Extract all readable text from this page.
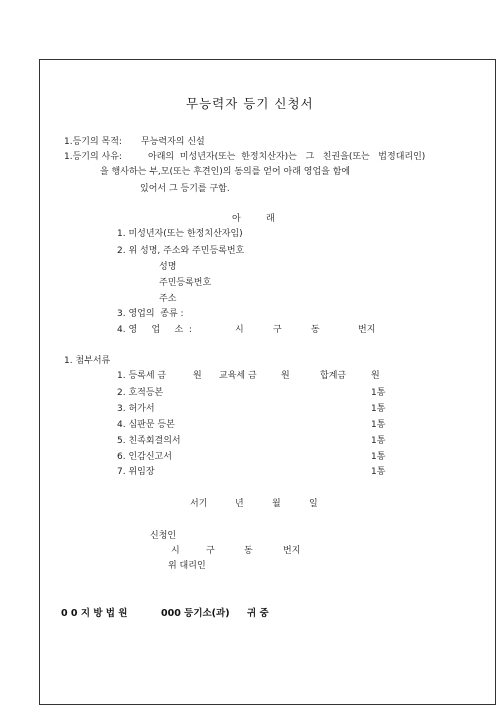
무능력자 등기 신청서
1.등기의 목적: 무능력자의 신설
1.등기의 사유:	아래의  미성년자(또는  한정치산자)는   그   친권을(또는   법정대리인)
을 행사하는 부,모(또는 후견인)의 동의를 얻어 아래 영업을 함에
있어서 그 등기를 구함.
아	래
1. 미성년자(또는 한정치산자임)
2. 위 성명, 주소와 주민등록번호
성명
주민등록번호
주소
3. 영업의  종류 :
4. 영     업     소  :	시	구	동	번지
1. 첨부서류
1. 등록세 금	원 교육세 금	원	합계금	원
2. 호적등본	1통
3. 허가서	1통
4. 심판문 등본	1통
5. 친족회결의서	1통
6. 인감신고서	1통
7. 위임장	1통
서기	년	월	일
신청인
시	구	동	번지
위 대리인
0 0 지 방 법 원	000 등기소(과) 귀 중
